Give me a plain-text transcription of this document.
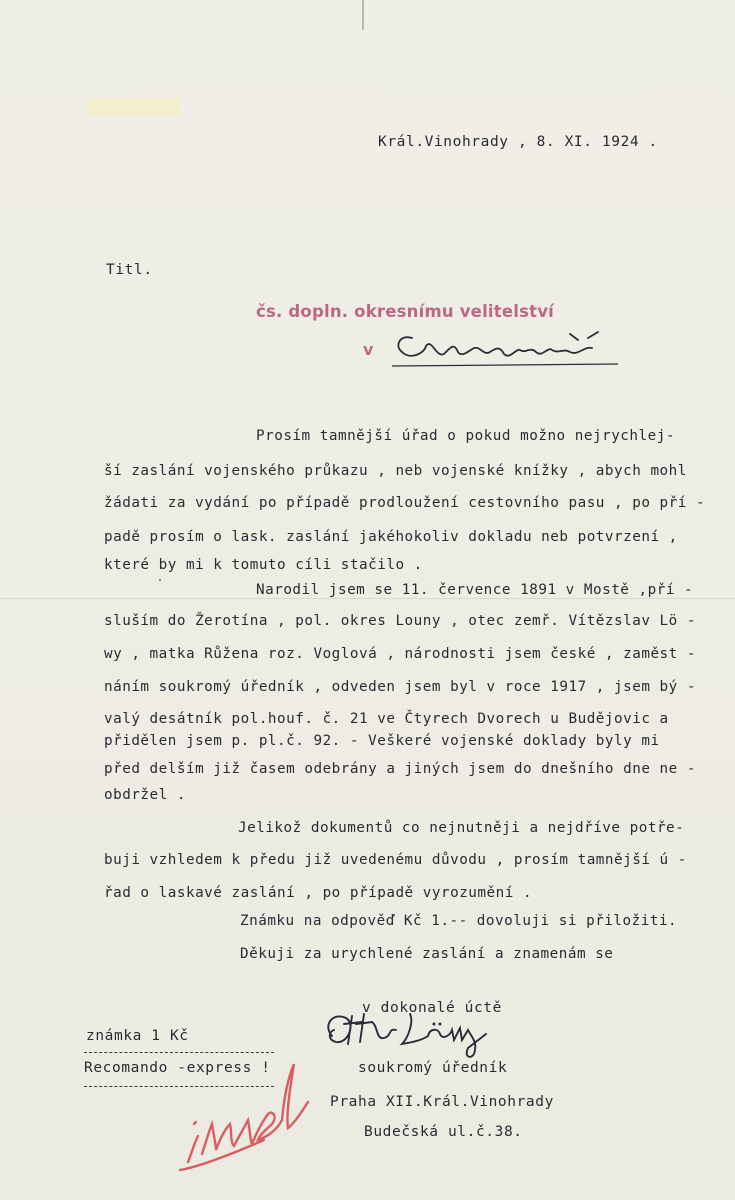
Král.Vinohrady , 8. XI. 1924 .
Titl.
čs. dopln. okresnímu velitelství
v
Prosím tamnější úřad o pokud možno nejrychlej-
ší zaslání vojenského průkazu , neb vojenské knížky , abych mohl
žádati za vydání po případě prodloužení cestovního pasu , po pří -
padě prosím o lask. zaslání jakéhokoliv dokladu neb potvrzení ,
které by mi k tomuto cíli stačilo .
Narodil jsem se 11. července 1891 v Mostě ,pří -
sluším do Žerotína , pol. okres Louny , otec zemř. Vítězslav Lö -
wy , matka Růžena roz. Voglová , národnosti jsem české , zaměst -
náním soukromý úředník , odveden jsem byl v roce 1917 , jsem bý -
valý desátník pol.houf. č. 21 ve Čtyrech Dvorech u Budějovic a
přidělen jsem p. pl.č. 92. - Veškeré vojenské doklady byly mi
před delším již časem odebrány a jiných jsem do dnešního dne ne -
obdržel .
Jelikož dokumentů co nejnutněji a nejdříve potře-
buji vzhledem k předu již uvedenému důvodu , prosím tamnější ú -
řad o laskavé zaslání , po případě vyrozumění .
Známku na odpověď Kč 1.-- dovoluji si přiložiti.
Děkuji za urychlené zaslání a znamenám se
v dokonalé úctě
soukromý úředník
Praha XII.Král.Vinohrady
Budečská ul.č.38.
známka 1 Kč
Recomando -express !
